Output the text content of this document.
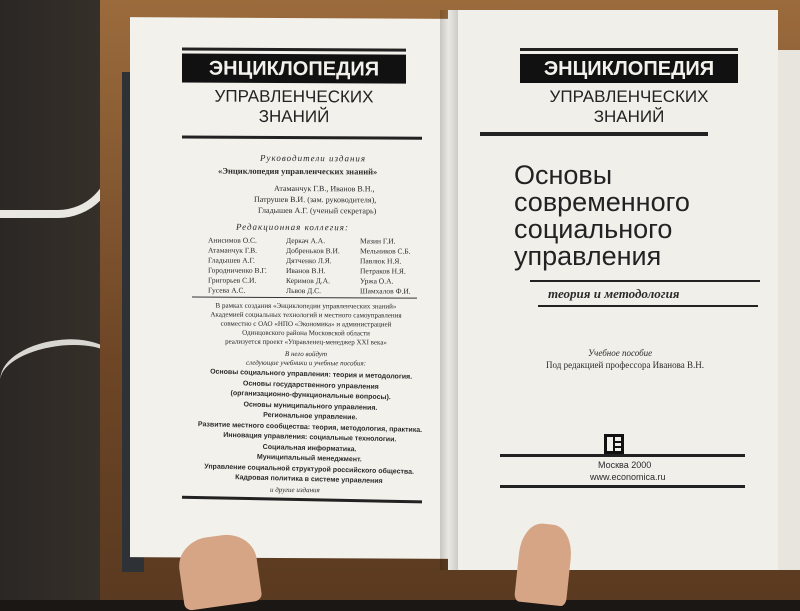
ЭНЦИКЛОПЕДИЯ
УПРАВЛЕНЧЕСКИХ
ЗНАНИЙ
Руководители издания
«Энциклопедия управленческих знаний»
Атаманчук Г.В., Иванов В.Н.,
Патрушев В.И. (зам. руководителя),
Гладышев А.Г. (ученый секретарь)
Редакционная коллегия:
Анисимов О.С.
Атаманчук Г.В.
Гладышев А.Г.
Городниченко В.Г.
Григорьев С.И.
Гусева А.С.
Деркач А.А.
Добреньков В.И.
Дятченко Л.Я.
Иванов В.Н.
Керимов Д.А.
Львов Д.С.
Мазин Г.И.
Мельников С.Б.
Павлюк Н.Я.
Петраков Н.Я.
Уржа О.А.
Шамхалов Ф.И.
В рамках создания «Энциклопедии управленческих знаний»
Академией социальных технологий и местного самоуправления
совместно с ОАО «НПО «Экономика» и администрацией
Одинцовского района Московской области
реализуется проект «Управленец-менеджер XXI века»
В него войдут
следующие учебники и учебные пособия:
Основы социального управления: теория и методология.
Основы государственного управления
(организационно-функциональные вопросы).
Основы муниципального управления.
Региональное управление.
Развитие местного сообщества: теория, методология, практика.
Инновация управления: социальные технологии.
Социальная информатика.
Муниципальный менеджмент.
Управление социальной структурой российского общества.
Кадровая политика в системе управления
и другие издания
ЭНЦИКЛОПЕДИЯ
УПРАВЛЕНЧЕСКИХ
ЗНАНИЙ
Основы
современного
социального
управления
теория и методология
Учебное пособие
Под редакцией профессора Иванова В.Н.
Москва 2000
www.economica.ru
